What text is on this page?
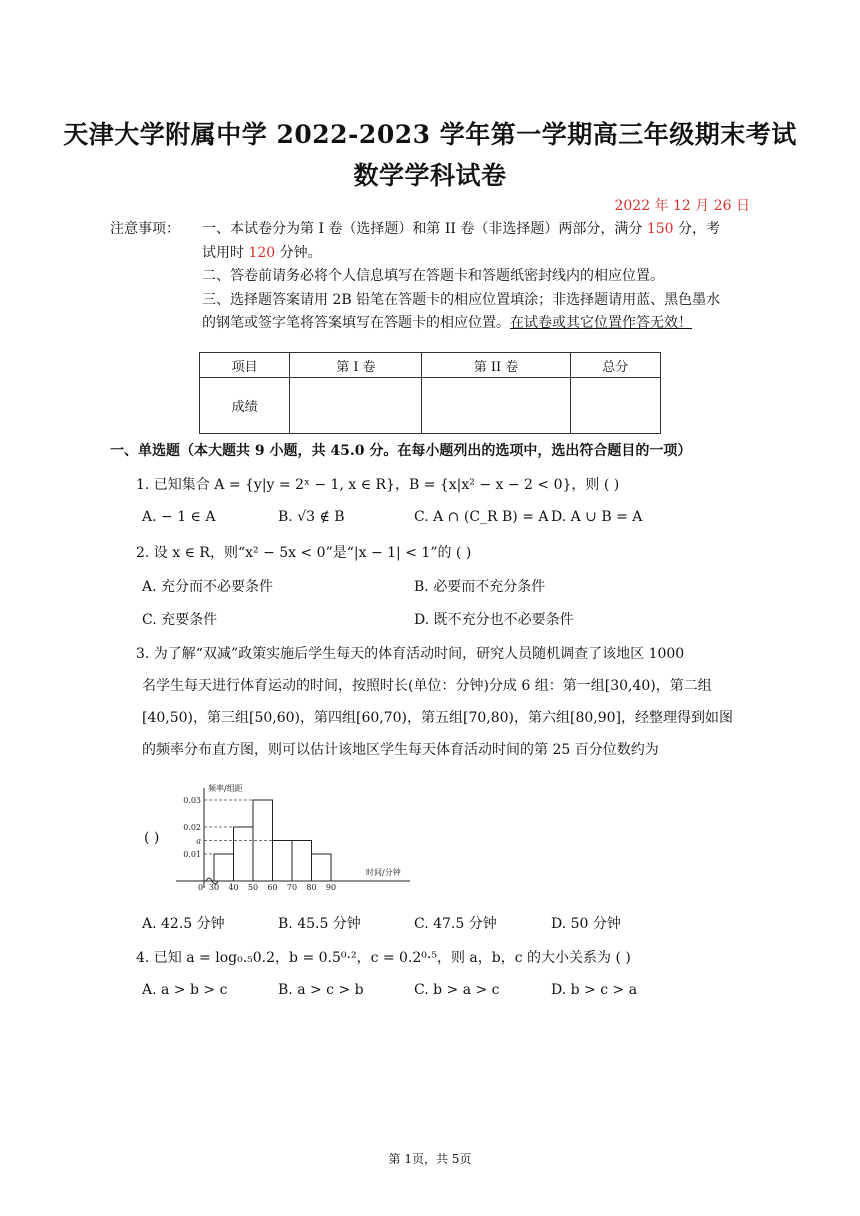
天津大学附属中学 2022-2023 学年第一学期高三年级期末考试
数学学科试卷
2022 年 12 月 26 日
注意事项： 一、本试卷分为第 I 卷（选择题）和第 II 卷（非选择题）两部分，满分 150 分，考

试用时 120 分钟。

二、答卷前请务必将个人信息填写在答题卡和答题纸密封线内的相应位置。

三、选择题答案请用 2B 铅笔在答题卡的相应位置填涂；非选择题请用蓝、黑色墨水

的钢笔或签字笔将答案填写在答题卡的相应位置。在试卷或其它位置作答无效！

项目	第 I 卷	第 II 卷	总分
成绩			
一、单选题（本大题共 9 小题，共 45.0 分。在每小题列出的选项中，选出符合题目的一项）
1. 已知集合 A = {y|y = 2ˣ − 1, x ∈ R}，B = {x|x² − x − 2 < 0}，则 ( )
A. − 1 ∈ A	B. √3 ∉ B	C. A ∩ (C_R B) = A D. A ∪ B = A
2. 设 x ∈ R，则“x² − 5x < 0”是“|x − 1| < 1”的 ( )
A. 充分而不必要条件	B. 必要而不充分条件
C. 充要条件	D. 既不充分也不必要条件

3. 为了解“双减”政策实施后学生每天的体育活动时间，研究人员随机调查了该地区 1000

名学生每天进行体育运动的时间，按照时长(单位：分钟)分成 6 组：第一组[30,40)，第二组

[40,50)，第三组[50,60)，第四组[60,70)，第五组[70,80)，第六组[80,90]，经整理得到如图

的频率分布直方图，则可以估计该地区学生每天体育活动时间的第 25 百分位数约为

( )
频率/组距
时间/分钟
0
0.03
0.02
a
0.01
30 40 50 60 70 80 90
A. 42.5 分钟	B. 45.5 分钟	C. 47.5 分钟	D. 50 分钟
4. 已知 a = log₀.₅0.2，b = 0.5⁰·²，c = 0.2⁰·⁵，则 a，b，c 的大小关系为 ( )
A. a > b > c	B. a > c > b	C. b > a > c	D. b > c > a
第 1页，共 5页
